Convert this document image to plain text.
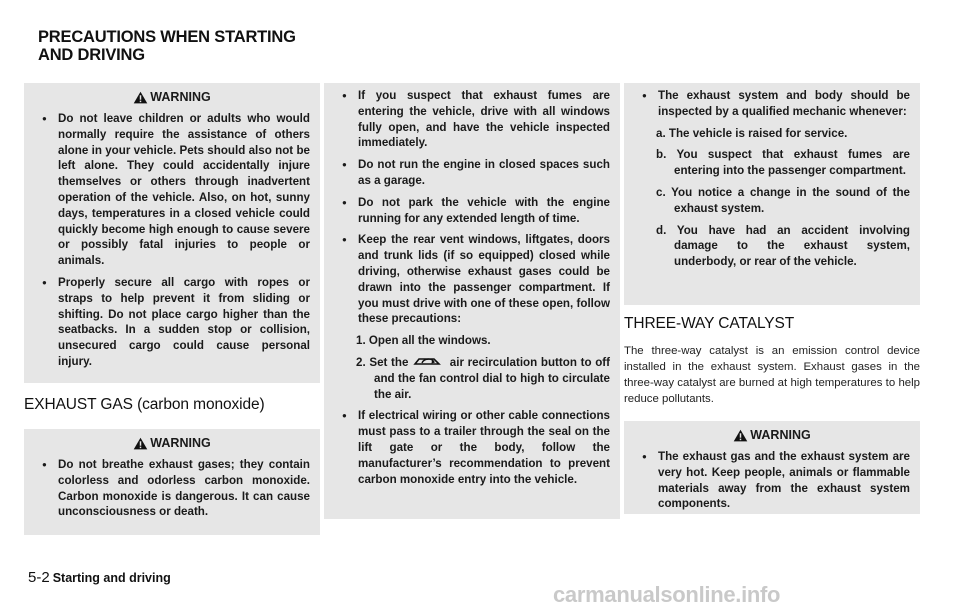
PRECAUTIONS WHEN STARTING
AND DRIVING
WARNING

● Do not leave children or adults who would normally require the assistance of others alone in your vehicle. Pets should also not be left alone. They could accidentally injure themselves or others through inadvertent operation of the vehicle. Also, on hot, sunny days, temperatures in a closed vehicle could quickly become high enough to cause severe or possibly fatal injuries to people or animals.

● Properly secure all cargo with ropes or straps to help prevent it from sliding or shifting. Do not place cargo higher than the seatbacks. In a sudden stop or collision, unsecured cargo could cause personal injury.

EXHAUST GAS (carbon monoxide)
WARNING

● Do not breathe exhaust gases; they contain colorless and odorless carbon monoxide. Carbon monoxide is dangerous. It can cause unconsciousness or death.

● If you suspect that exhaust fumes are entering the vehicle, drive with all windows fully open, and have the vehicle inspected immediately.

● Do not run the engine in closed spaces such as a garage.

● Do not park the vehicle with the engine running for any extended length of time.

● Keep the rear vent windows, liftgates, doors and trunk lids (if so equipped) closed while driving, otherwise exhaust gases could be drawn into the passenger compartment. If you must drive with one of these open, follow these precautions:

1. Open all the windows.

2. Set the	air recirculation button to off and the fan control dial to high to circulate the air.

● If electrical wiring or other cable connections must pass to a trailer through the seal on the lift gate or the body, follow the manufacturer’s recommendation to prevent carbon monoxide entry into the vehicle.

● The exhaust system and body should be inspected by a qualified mechanic whenever:

a. The vehicle is raised for service.

b. You suspect that exhaust fumes are entering into the passenger compartment.

c. You notice a change in the sound of the exhaust system.

d. You have had an accident involving damage to the exhaust system, underbody, or rear of the vehicle.

THREE-WAY CATALYST

The three-way catalyst is an emission control device installed in the exhaust system. Exhaust gases in the three-way catalyst are burned at high temperatures to help reduce pollutants.

WARNING

● The exhaust gas and the exhaust system are very hot. Keep people, animals or flammable materials away from the exhaust system components.

5-2 Starting and driving
carmanualsonline.info
